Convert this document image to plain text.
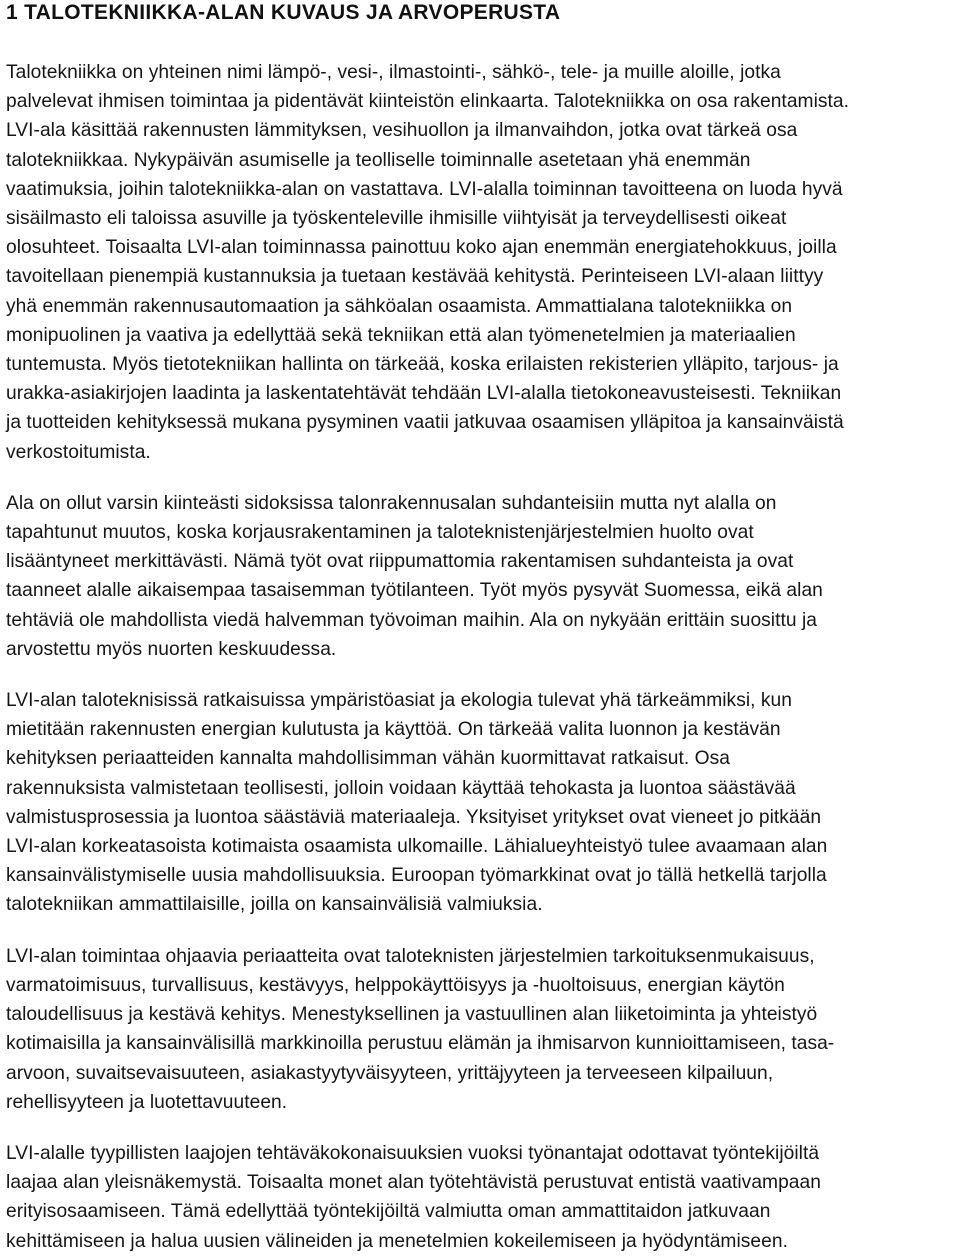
1 TALOTEKNIIKKA-ALAN KUVAUS JA ARVOPERUSTA

Talotekniikka on yhteinen nimi lämpö-, vesi-, ilmastointi-, sähkö-, tele- ja muille aloille, jotka
palvelevat ihmisen toimintaa ja pidentävät kiinteistön elinkaarta. Talotekniikka on osa rakentamista.
LVI-ala käsittää rakennusten lämmityksen, vesihuollon ja ilmanvaihdon, jotka ovat tärkeä osa
talotekniikkaa. Nykypäivän asumiselle ja teolliselle toiminnalle asetetaan yhä enemmän
vaatimuksia, joihin talotekniikka-alan on vastattava. LVI-alalla toiminnan tavoitteena on luoda hyvä
sisäilmasto eli taloissa asuville ja työskenteleville ihmisille viihtyisät ja terveydellisesti oikeat
olosuhteet. Toisaalta LVI-alan toiminnassa painottuu koko ajan enemmän energiatehokkuus, joilla
tavoitellaan pienempiä kustannuksia ja tuetaan kestävää kehitystä. Perinteiseen LVI-alaan liittyy
yhä enemmän rakennusautomaation ja sähköalan osaamista. Ammattialana talotekniikka on
monipuolinen ja vaativa ja edellyttää sekä tekniikan että alan työmenetelmien ja materiaalien
tuntemusta. Myös tietotekniikan hallinta on tärkeää, koska erilaisten rekisterien ylläpito, tarjous- ja
urakka-asiakirjojen laadinta ja laskentatehtävät tehdään LVI-alalla tietokoneavusteisesti. Tekniikan
ja tuotteiden kehityksessä mukana pysyminen vaatii jatkuvaa osaamisen ylläpitoa ja kansainväistä
verkostoitumista.

Ala on ollut varsin kiinteästi sidoksissa talonrakennusalan suhdanteisiin mutta nyt alalla on
tapahtunut muutos, koska korjausrakentaminen ja taloteknistenjärjestelmien huolto ovat
lisääntyneet merkittävästi. Nämä työt ovat riippumattomia rakentamisen suhdanteista ja ovat
taanneet alalle aikaisempaa tasaisemman työtilanteen. Työt myös pysyvät Suomessa, eikä alan
tehtäviä ole mahdollista viedä halvemman työvoiman maihin. Ala on nykyään erittäin suosittu ja
arvostettu myös nuorten keskuudessa.

LVI-alan taloteknisissä ratkaisuissa ympäristöasiat ja ekologia tulevat yhä tärkeämmiksi, kun
mietitään rakennusten energian kulutusta ja käyttöä. On tärkeää valita luonnon ja kestävän
kehityksen periaatteiden kannalta mahdollisimman vähän kuormittavat ratkaisut. Osa
rakennuksista valmistetaan teollisesti, jolloin voidaan käyttää tehokasta ja luontoa säästävää
valmistusprosessia ja luontoa säästäviä materiaaleja. Yksityiset yritykset ovat vieneet jo pitkään
LVI-alan korkeatasoista kotimaista osaamista ulkomaille. Lähialueyhteistyö tulee avaamaan alan
kansainvälistymiselle uusia mahdollisuuksia. Euroopan työmarkkinat ovat jo tällä hetkellä tarjolla
talotekniikan ammattilaisille, joilla on kansainvälisiä valmiuksia.

LVI-alan toimintaa ohjaavia periaatteita ovat taloteknisten järjestelmien tarkoituksenmukaisuus,
varmatoimisuus, turvallisuus, kestävyys, helppokäyttöisyys ja -huoltoisuus, energian käytön
taloudellisuus ja kestävä kehitys. Menestyksellinen ja vastuullinen alan liiketoiminta ja yhteistyö
kotimaisilla ja kansainvälisillä markkinoilla perustuu elämän ja ihmisarvon kunnioittamiseen, tasa-
arvoon, suvaitsevaisuuteen, asiakastyytyväisyyteen, yrittäjyyteen ja terveeseen kilpailuun,
rehellisyyteen ja luotettavuuteen.

LVI-alalle tyypillisten laajojen tehtäväkokonaisuuksien vuoksi työnantajat odottavat työntekijöiltä
laajaa alan yleisnäkemystä. Toisaalta monet alan työtehtävistä perustuvat entistä vaativampaan
erityisosaamiseen. Tämä edellyttää työntekijöiltä valmiutta oman ammattitaidon jatkuvaan
kehittämiseen ja halua uusien välineiden ja menetelmien kokeilemiseen ja hyödyntämiseen.
